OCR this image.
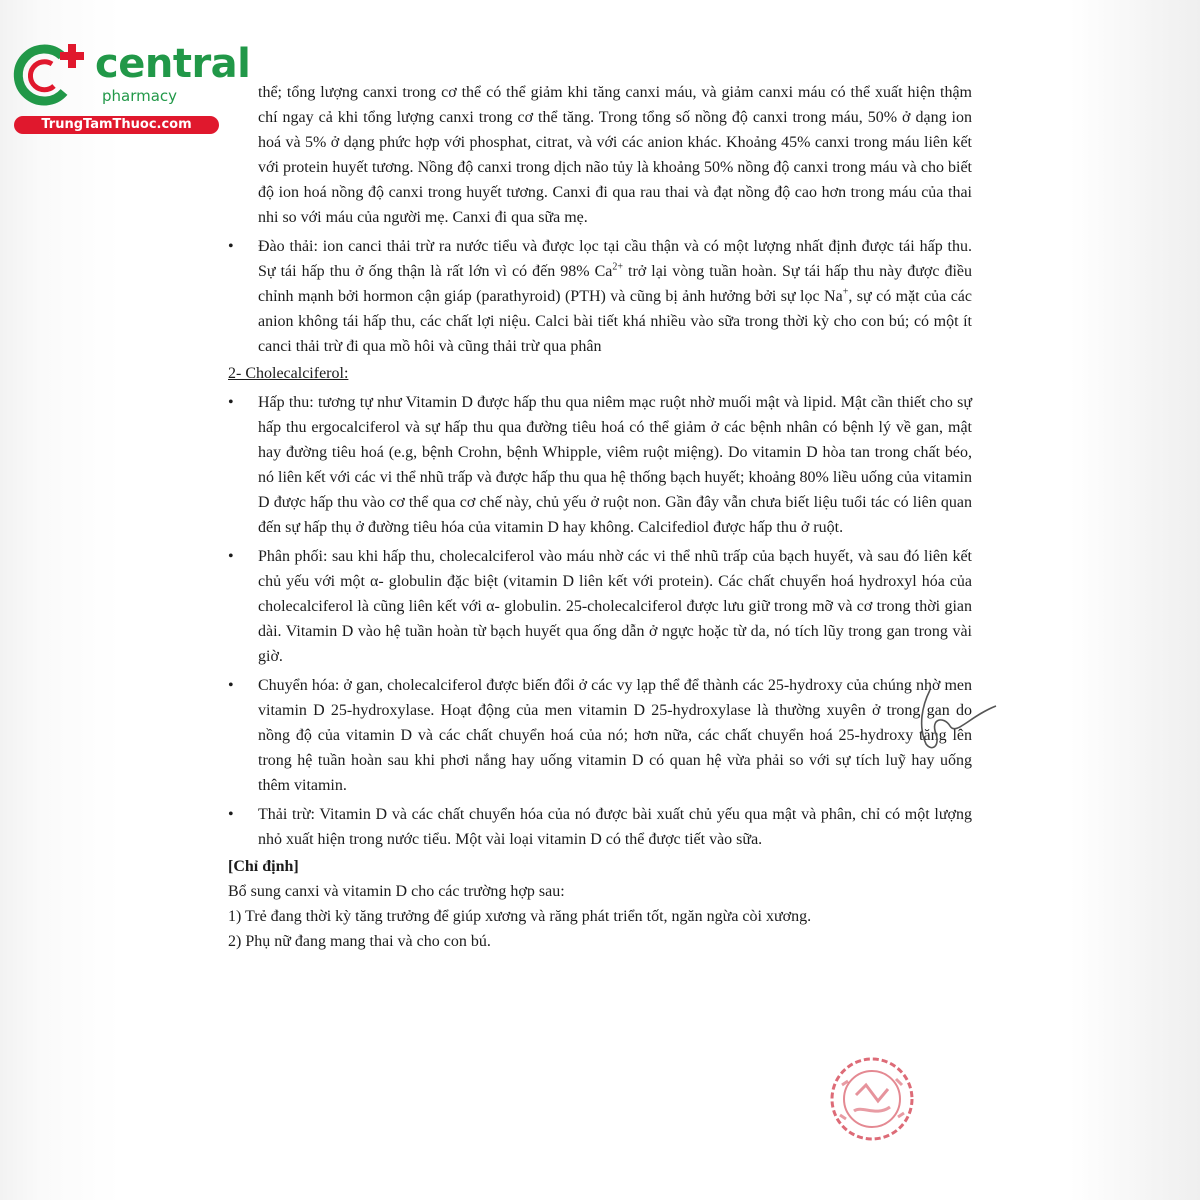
central
pharmacy
TrungTamThuoc.com
thể; tổng lượng canxi trong cơ thể có thể giảm khi tăng canxi máu, và giảm canxi máu có thể xuất hiện thậm chí ngay cả khi tổng lượng canxi trong cơ thể tăng. Trong tổng số nồng độ canxi trong máu, 50% ở dạng ion hoá và 5% ở dạng phức hợp với phosphat, citrat, và với các anion khác. Khoảng 45% canxi trong máu liên kết với protein huyết tương. Nồng độ canxi trong dịch não tủy là khoảng 50% nồng độ canxi trong máu và cho biết độ ion hoá nồng độ canxi trong huyết tương. Canxi đi qua rau thai và đạt nồng độ cao hơn trong máu của thai nhi so với máu của người mẹ. Canxi đi qua sữa mẹ.
•	Đào thải: ion canci thải trừ ra nước tiểu và được lọc tại cầu thận và có một lượng nhất định được tái hấp thu. Sự tái hấp thu ở ống thận là rất lớn vì có đến 98% $Ca^{2+}$ trở lại vòng tuần hoàn. Sự tái hấp thu này được điều chỉnh mạnh bởi hormon cận giáp (parathyroid) (PTH) và cũng bị ảnh hưởng bởi sự lọc Na+, sự có mặt của các anion không tái hấp thu, các chất lợi niệu. Calci bài tiết khá nhiều vào sữa trong thời kỳ cho con bú; có một ít canci thải trừ đi qua mồ hôi và cũng thải trừ qua phân
2- Cholecalciferol:
•	Hấp thu: tương tự như Vitamin D được hấp thu qua niêm mạc ruột nhờ muối mật và lipid. Mật cần thiết cho sự hấp thu ergocalciferol và sự hấp thu qua đường tiêu hoá có thể giảm ở các bệnh nhân có bệnh lý về gan, mật hay đường tiêu hoá (e.g, bệnh Crohn, bệnh Whipple, viêm ruột miệng). Do vitamin D hòa tan trong chất béo, nó liên kết với các vi thể nhũ trấp và được hấp thu qua hệ thống bạch huyết; khoảng 80% liều uống của vitamin D được hấp thu vào cơ thể qua cơ chế này, chủ yếu ở ruột non. Gần đây vẫn chưa biết liệu tuổi tác có liên quan đến sự hấp thụ ở đường tiêu hóa của vitamin D hay không. Calcifediol được hấp thu ở ruột.
•	Phân phối: sau khi hấp thu, cholecalciferol vào máu nhờ các vi thể nhũ trấp của bạch huyết, và sau đó liên kết chủ yếu với một α- globulin đặc biệt (vitamin D liên kết với protein). Các chất chuyển hoá hydroxyl hóa của cholecalciferol là cũng liên kết với α- globulin. 25-cholecalciferol được lưu giữ trong mỡ và cơ trong thời gian dài. Vitamin D vào hệ tuần hoàn từ bạch huyết qua ống dẫn ở ngực hoặc từ da, nó tích lũy trong gan trong vài giờ.
•	Chuyển hóa: ở gan, cholecalciferol được biến đổi ở các vy lạp thể để thành các 25-hydroxy của chúng nhờ men vitamin D 25-hydroxylase. Hoạt động của men vitamin D 25-hydroxylase là thường xuyên ở trong gan do nồng độ của vitamin D và các chất chuyển hoá của nó; hơn nữa, các chất chuyển hoá 25-hydroxy tăng lên trong hệ tuần hoàn sau khi phơi nắng hay uống vitamin D có quan hệ vừa phải so với sự tích luỹ hay uống thêm vitamin.
•	Thải trừ: Vitamin D và các chất chuyển hóa của nó được bài xuất chủ yếu qua mật và phân, chỉ có một lượng nhỏ xuất hiện trong nước tiểu. Một vài loại vitamin D có thể được tiết vào sữa.
[Chỉ định]
Bổ sung canxi và vitamin D cho các trường hợp sau:
1) Trẻ đang thời kỳ tăng trưởng để giúp xương và răng phát triển tốt, ngăn ngừa còi xương.
2) Phụ nữ đang mang thai và cho con bú.
